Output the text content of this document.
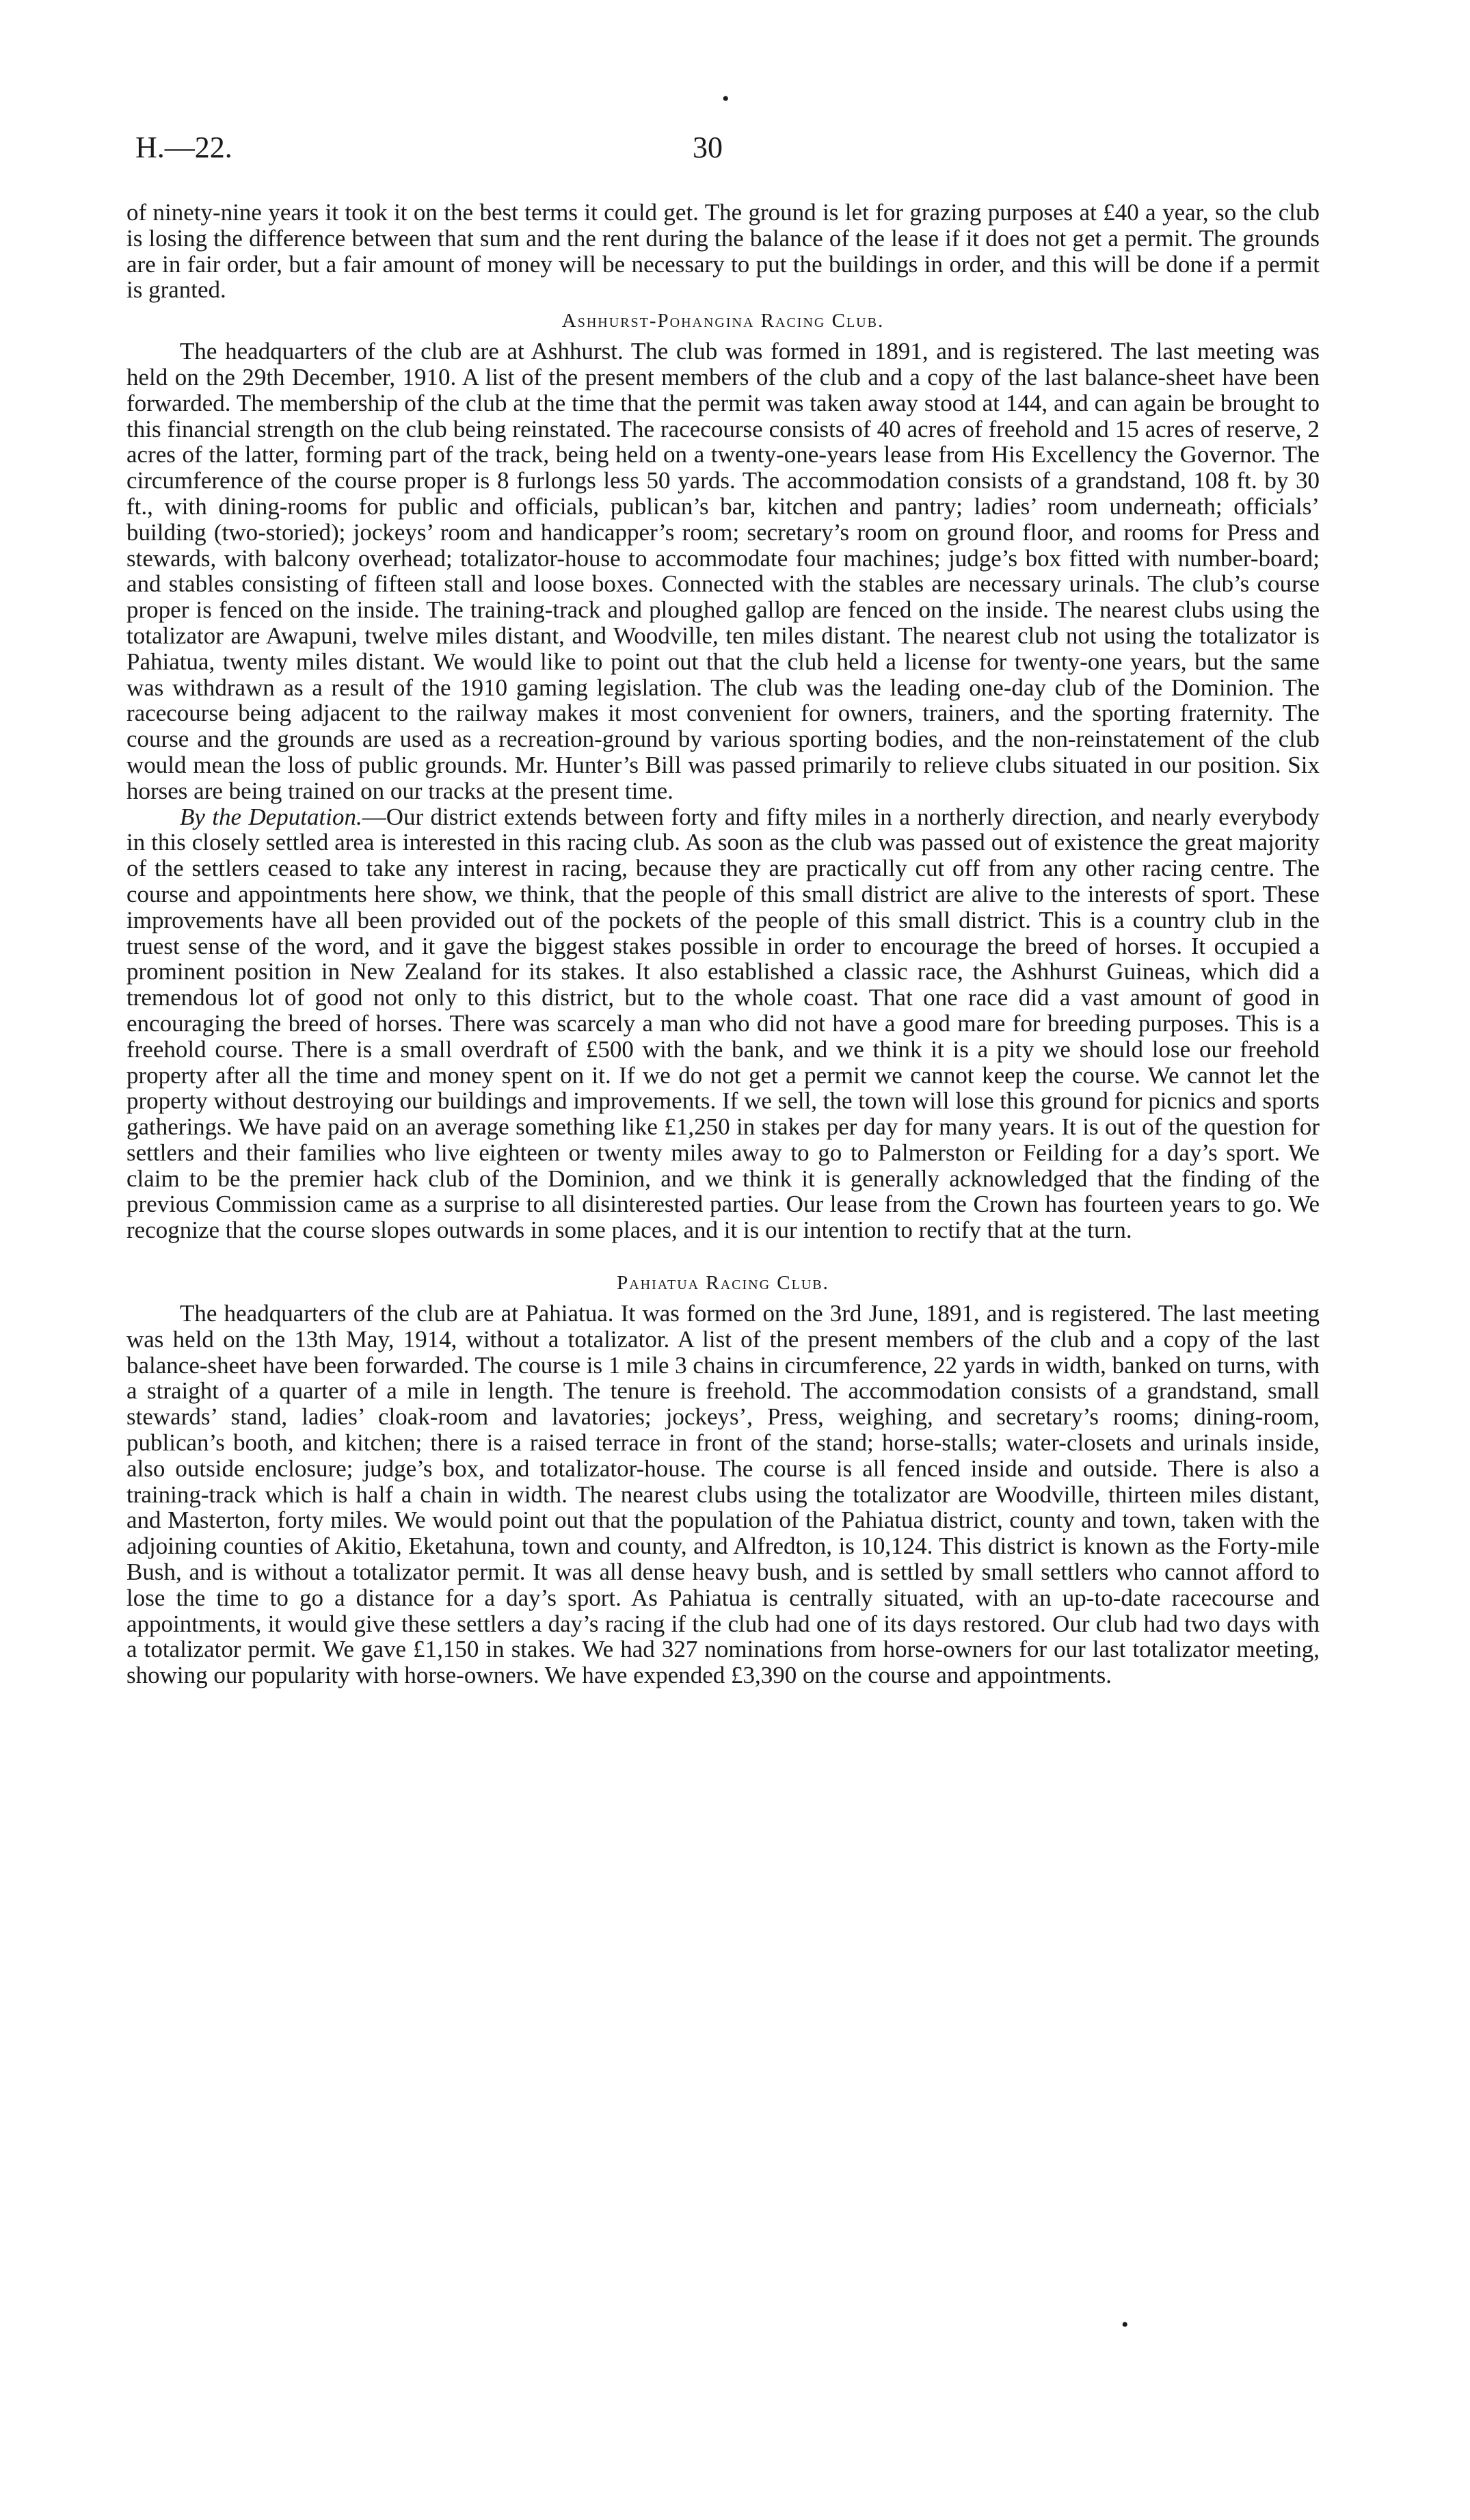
•
H.—22.	30

of ninety-nine years it took it on the best terms it could get. The ground is let for grazing purposes at £40 a year, so the club is losing the difference between that sum and the rent during the balance of the lease if it does not get a permit. The grounds are in fair order, but a fair amount of money will be necessary to put the buildings in order, and this will be done if a permit is granted.

Ashhurst-Pohangina Racing Club.

The headquarters of the club are at Ashhurst. The club was formed in 1891, and is registered. The last meeting was held on the 29th December, 1910. A list of the present members of the club and a copy of the last balance-sheet have been forwarded. The membership of the club at the time that the permit was taken away stood at 144, and can again be brought to this financial strength on the club being reinstated. The racecourse consists of 40 acres of freehold and 15 acres of reserve, 2 acres of the latter, forming part of the track, being held on a twenty-one-years lease from His Excellency the Governor. The circumference of the course proper is 8 furlongs less 50 yards. The accommodation consists of a grandstand, 108 ft. by 30 ft., with dining-rooms for public and officials, publican’s bar, kitchen and pantry; ladies’ room underneath; officials’ building (two-storied); jockeys’ room and handicapper’s room; secretary’s room on ground floor, and rooms for Press and stewards, with balcony overhead; totalizator-house to accommodate four machines; judge’s box fitted with number-board; and stables consisting of fifteen stall and loose boxes. Connected with the stables are necessary urinals. The club’s course proper is fenced on the inside. The training-track and ploughed gallop are fenced on the inside. The nearest clubs using the totalizator are Awapuni, twelve miles distant, and Woodville, ten miles distant. The nearest club not using the totalizator is Pahiatua, twenty miles distant. We would like to point out that the club held a license for twenty-one years, but the same was withdrawn as a result of the 1910 gaming legislation. The club was the leading one-day club of the Dominion. The racecourse being adjacent to the railway makes it most convenient for owners, trainers, and the sporting fraternity. The course and the grounds are used as a recreation-ground by various sporting bodies, and the non-reinstatement of the club would mean the loss of public grounds. Mr. Hunter’s Bill was passed primarily to relieve clubs situated in our position. Six horses are being trained on our tracks at the present time.

By the Deputation.—Our district extends between forty and fifty miles in a northerly direction, and nearly everybody in this closely settled area is interested in this racing club. As soon as the club was passed out of existence the great majority of the settlers ceased to take any interest in racing, because they are practically cut off from any other racing centre. The course and appointments here show, we think, that the people of this small district are alive to the interests of sport. These improvements have all been provided out of the pockets of the people of this small district. This is a country club in the truest sense of the word, and it gave the biggest stakes possible in order to encourage the breed of horses. It occupied a prominent position in New Zealand for its stakes. It also established a classic race, the Ashhurst Guineas, which did a tremendous lot of good not only to this district, but to the whole coast. That one race did a vast amount of good in encouraging the breed of horses. There was scarcely a man who did not have a good mare for breeding purposes. This is a freehold course. There is a small overdraft of £500 with the bank, and we think it is a pity we should lose our freehold property after all the time and money spent on it. If we do not get a permit we cannot keep the course. We cannot let the property without destroying our buildings and improvements. If we sell, the town will lose this ground for picnics and sports gatherings. We have paid on an average something like £1,250 in stakes per day for many years. It is out of the question for settlers and their families who live eighteen or twenty miles away to go to Palmerston or Feilding for a day’s sport. We claim to be the premier hack club of the Dominion, and we think it is generally acknowledged that the finding of the previous Commission came as a surprise to all disinterested parties. Our lease from the Crown has fourteen years to go. We recognize that the course slopes outwards in some places, and it is our intention to rectify that at the turn.

Pahiatua Racing Club.

The headquarters of the club are at Pahiatua. It was formed on the 3rd June, 1891, and is registered. The last meeting was held on the 13th May, 1914, without a totalizator. A list of the present members of the club and a copy of the last balance-sheet have been forwarded. The course is 1 mile 3 chains in circumference, 22 yards in width, banked on turns, with a straight of a quarter of a mile in length. The tenure is freehold. The accommodation consists of a grandstand, small stewards’ stand, ladies’ cloak-room and lavatories; jockeys’, Press, weighing, and secretary’s rooms; dining-room, publican’s booth, and kitchen; there is a raised terrace in front of the stand; horse-stalls; water-closets and urinals inside, also outside enclosure; judge’s box, and totalizator-house. The course is all fenced inside and outside. There is also a training-track which is half a chain in width. The nearest clubs using the totalizator are Woodville, thirteen miles distant, and Masterton, forty miles. We would point out that the population of the Pahiatua district, county and town, taken with the adjoining counties of Akitio, Eketahuna, town and county, and Alfredton, is 10,124. This district is known as the Forty-mile Bush, and is without a totalizator permit. It was all dense heavy bush, and is settled by small settlers who cannot afford to lose the time to go a distance for a day’s sport. As Pahiatua is centrally situated, with an up-to-date racecourse and appointments, it would give these settlers a day’s racing if the club had one of its days restored. Our club had two days with a totalizator permit. We gave £1,150 in stakes. We had 327 nominations from horse-owners for our last totalizator meeting, showing our popularity with horse-owners. We have expended £3,390 on the course and appointments.

•
